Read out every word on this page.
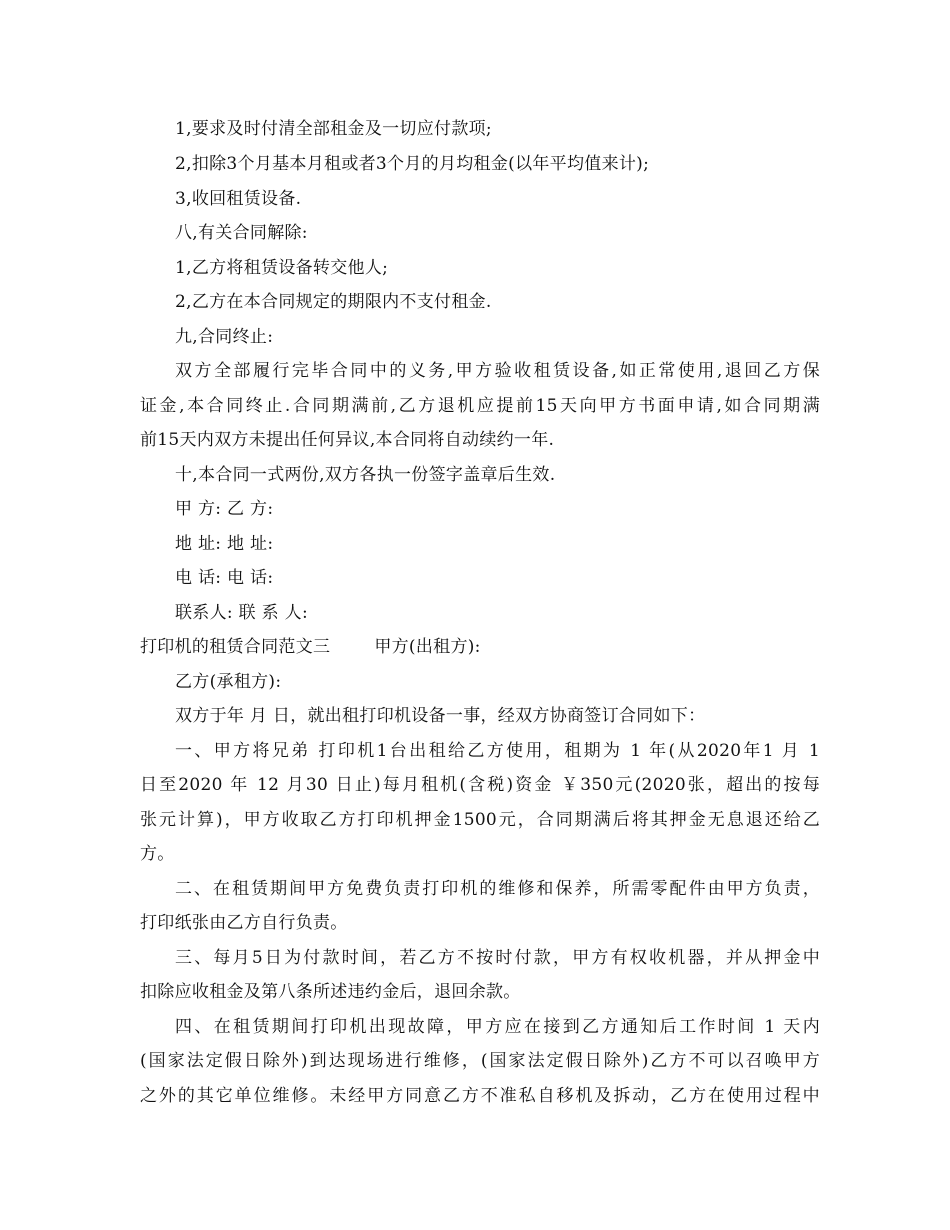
1,要求及时付清全部租金及一切应付款项;
2,扣除3个月基本月租或者3个月的月均租金(以年平均值来计);
3,收回租赁设备.
八,有关合同解除:
1,乙方将租赁设备转交他人;
2,乙方在本合同规定的期限内不支付租金.
九,合同终止:
双方全部履行完毕合同中的义务,甲方验收租赁设备,如正常使用,退回乙方保
证金,本合同终止.合同期满前,乙方退机应提前15天向甲方书面申请,如合同期满
前15天内双方未提出任何异议,本合同将自动续约一年.
十,本合同一式两份,双方各执一份签字盖章后生效.
甲 方: 乙 方:
地 址: 地 址:
电 话: 电 话:
联系人: 联 系 人:
打印机的租赁合同范文三	甲方(出租方):
乙方(承租方):
双方于年 月 日，就出租打印机设备一事，经双方协商签订合同如下：
一、甲方将兄弟 打印机1台出租给乙方使用，租期为 1 年(从2020年1 月 1
日至2020 年 12 月30 日止)每月租机(含税)资金 ￥350元(2020张，超出的按每
张元计算)，甲方收取乙方打印机押金1500元，合同期满后将其押金无息退还给乙
方。
二、在租赁期间甲方免费负责打印机的维修和保养，所需零配件由甲方负责，
打印纸张由乙方自行负责。
三、每月5日为付款时间，若乙方不按时付款，甲方有权收机器，并从押金中
扣除应收租金及第八条所述违约金后，退回余款。
四、在租赁期间打印机出现故障，甲方应在接到乙方通知后工作时间 1 天内
(国家法定假日除外)到达现场进行维修，(国家法定假日除外)乙方不可以召唤甲方
之外的其它单位维修。未经甲方同意乙方不准私自移机及拆动，乙方在使用过程中
